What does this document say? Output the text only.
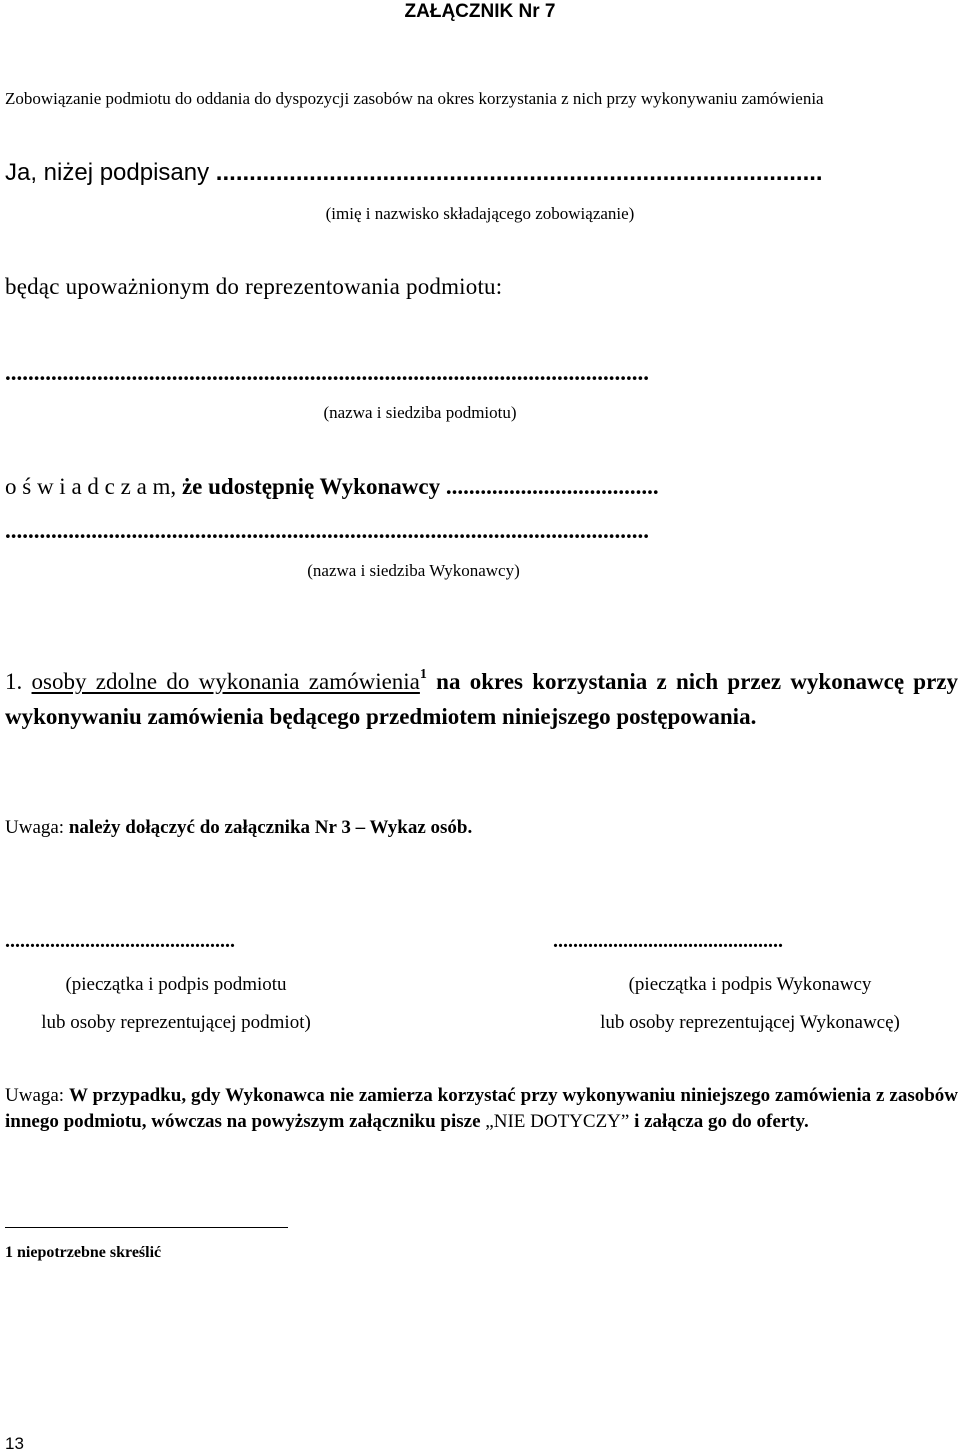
ZAŁĄCZNIK Nr 7
Zobowiązanie podmiotu do oddania do dyspozycji zasobów na okres korzystania z nich przy wykonywaniu zamówienia
Ja, niżej podpisany ...........................................................................................
(imię i nazwisko składającego zobowiązanie)
będąc upoważnionym do reprezentowania podmiotu:
................................................................................................................
(nazwa i siedziba podmiotu)
o ś w i a d c z a m, że udostępnię Wykonawcy .....................................
................................................................................................................
(nazwa i siedziba Wykonawcy)
1. osoby zdolne do wykonania zamówienia$^1$ na okres korzystania z nich przez wykonawcę przy wykonywaniu zamówienia będącego przedmiotem niniejszego postępowania.
Uwaga: należy dołączyć do załącznika Nr 3 – Wykaz osób.
..............................................	..............................................
(pieczątka i podpis podmiotu
lub osoby reprezentującej podmiot)
(pieczątka i podpis Wykonawcy
lub osoby reprezentującej Wykonawcę)
Uwaga: W przypadku, gdy Wykonawca nie zamierza korzystać przy wykonywaniu niniejszego zamówienia z zasobów innego podmiotu, wówczas na powyższym załączniku pisze „NIE DOTYCZY” i załącza go do oferty.
1 niepotrzebne skreślić
13
